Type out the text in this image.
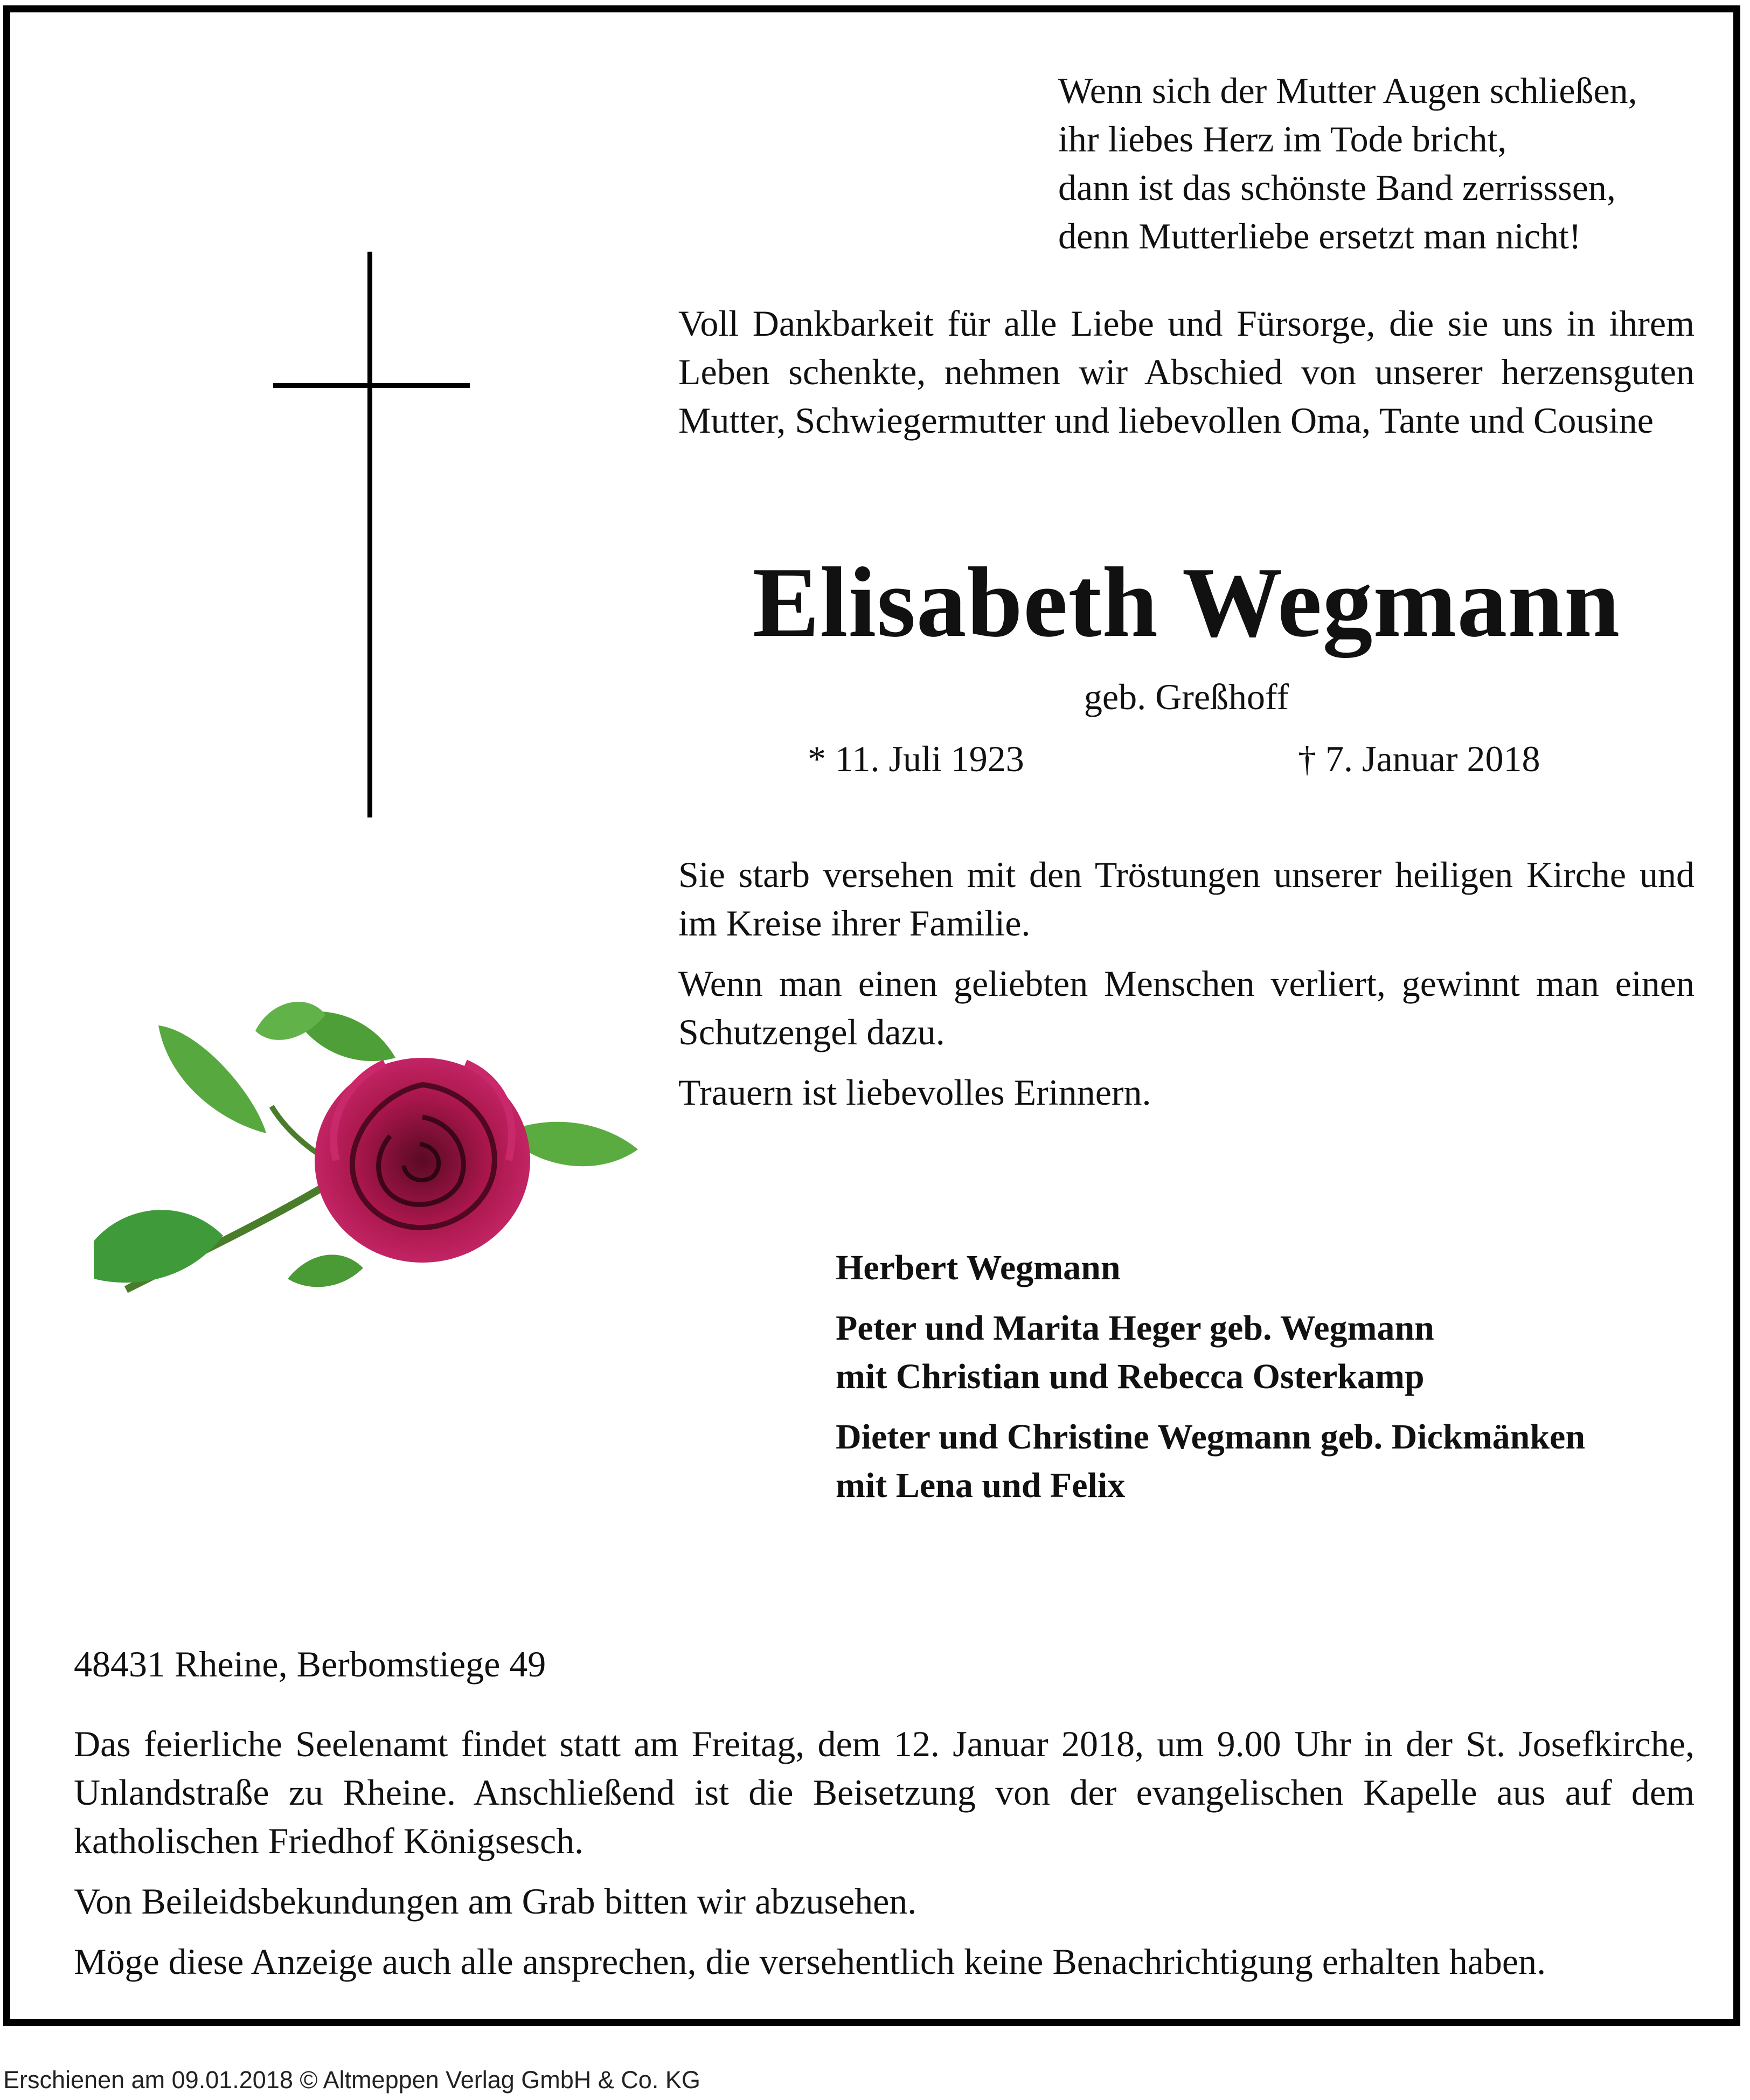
Wenn sich der Mutter Augen schließen,
ihr liebes Herz im Tode bricht,
dann ist das schönste Band zerrisssen,
denn Mutterliebe ersetzt man nicht!
Voll Dankbarkeit für alle Liebe und Fürsorge, die sie uns in ihrem Leben schenkte, nehmen wir Abschied von unserer herzensguten Mutter, Schwiegermutter und liebevollen Oma, Tante und Cousine
Elisabeth Wegmann
geb. Greßhoff
* 11. Juli 1923	† 7. Januar 2018

Sie starb versehen mit den Tröstungen unserer heiligen Kirche und im Kreise ihrer Familie.

Wenn man einen geliebten Menschen verliert, gewinnt man einen Schutzengel dazu.

Trauern ist liebevolles Erinnern.

Herbert Wegmann

Peter und Marita Heger geb. Wegmann

mit Christian und Rebecca Osterkamp

Dieter und Christine Wegmann geb. Dickmänken

mit Lena und Felix

48431 Rheine, Berbomstiege 49

Das feierliche Seelenamt findet statt am Freitag, dem 12. Januar 2018, um 9.00 Uhr in der St. Josefkirche, Unlandstraße zu Rheine. Anschließend ist die Beisetzung von der evangelischen Kapelle aus auf dem katholischen Friedhof Königsesch.

Von Beileidsbekundungen am Grab bitten wir abzusehen.

Möge diese Anzeige auch alle ansprechen, die versehentlich keine Benachrichtigung erhalten haben.

Erschienen am 09.01.2018 © Altmeppen Verlag GmbH & Co. KG
